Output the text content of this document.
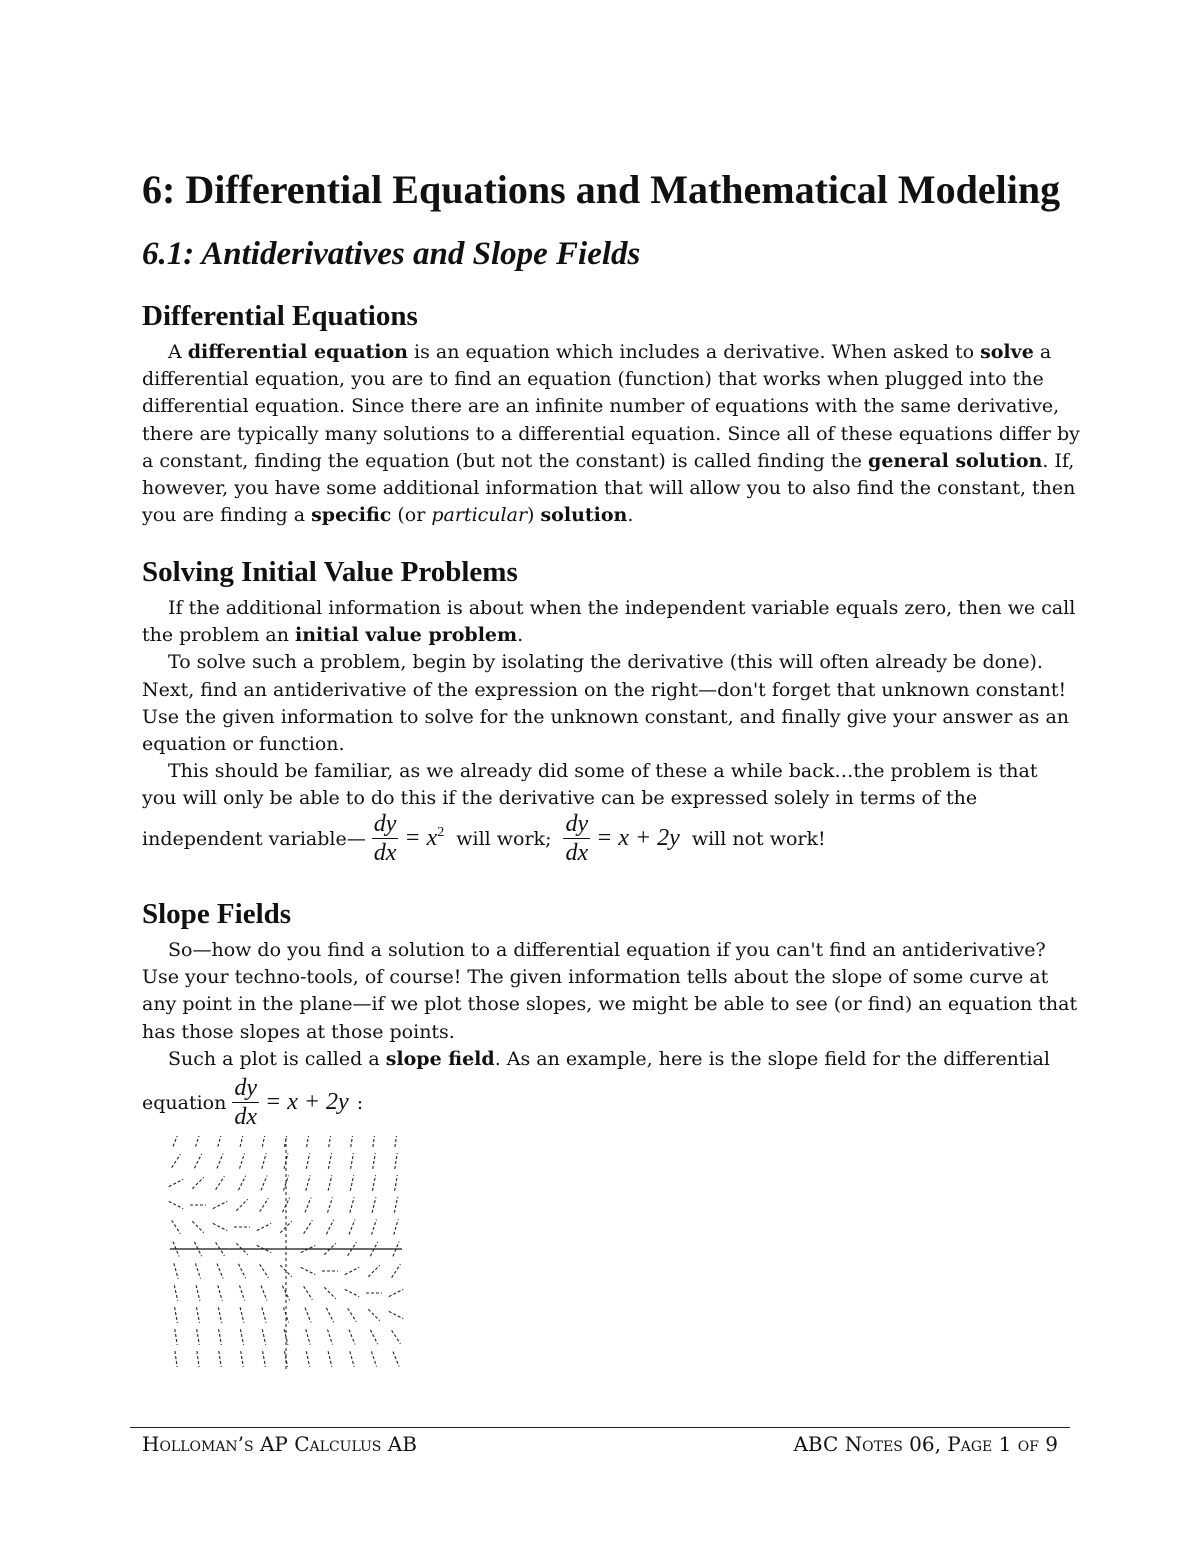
6: Differential Equations and Mathematical Modeling
6.1: Antiderivatives and Slope Fields
Differential Equations
A differential equation is an equation which includes a derivative. When asked to solve a
differential equation, you are to find an equation (function) that works when plugged into the
differential equation. Since there are an infinite number of equations with the same derivative,
there are typically many solutions to a differential equation. Since all of these equations differ by
a constant, finding the equation (but not the constant) is called finding the general solution. If,
however, you have some additional information that will allow you to also find the constant, then
you are finding a specific (or particular) solution.
Solving Initial Value Problems
If the additional information is about when the independent variable equals zero, then we call
the problem an initial value problem.
To solve such a problem, begin by isolating the derivative (this will often already be done).
Next, find an antiderivative of the expression on the right—don't forget that unknown constant!
Use the given information to solve for the unknown constant, and finally give your answer as an
equation or function.
This should be familiar, as we already did some of these a while back…the problem is that
you will only be able to do this if the derivative can be expressed solely in terms of the
independent variable— $\frac{dy}{dx} = x^2$ will work; $\frac{dy}{dx} = x + 2y$ will not work!
Slope Fields
So—how do you find a solution to a differential equation if you can't find an antiderivative?
Use your techno-tools, of course! The given information tells about the slope of some curve at
any point in the plane—if we plot those slopes, we might be able to see (or find) an equation that
has those slopes at those points.
Such a plot is called a slope field. As an example, here is the slope field for the differential
equation $\frac{dy}{dx} = x + 2y$ :
Holloman’s AP Calculus AB	ABC Notes 06, Page 1 of 9
